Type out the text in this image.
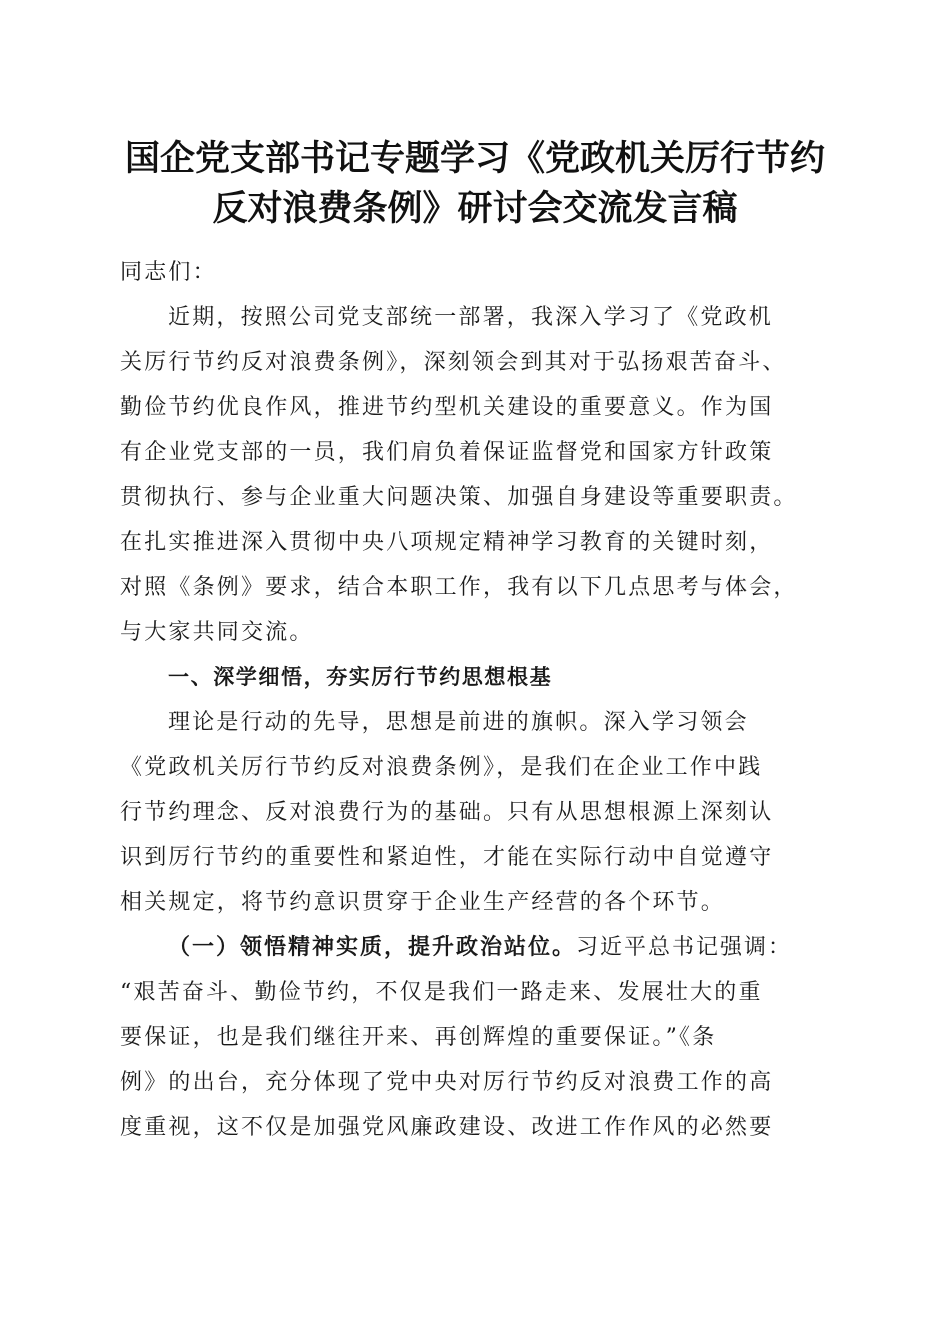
国企党支部书记专题学习《党政机关厉行节约
反对浪费条例》研讨会交流发言稿
同志们：
近期，按照公司党支部统一部署，我深入学习了《党政机
关厉行节约反对浪费条例》，深刻领会到其对于弘扬艰苦奋斗、
勤俭节约优良作风，推进节约型机关建设的重要意义。作为国
有企业党支部的一员，我们肩负着保证监督党和国家方针政策
贯彻执行、参与企业重大问题决策、加强自身建设等重要职责。
在扎实推进深入贯彻中央八项规定精神学习教育的关键时刻，
对照《条例》要求，结合本职工作，我有以下几点思考与体会，
与大家共同交流。
一、深学细悟，夯实厉行节约思想根基
理论是行动的先导，思想是前进的旗帜。深入学习领会
《党政机关厉行节约反对浪费条例》，是我们在企业工作中践
行节约理念、反对浪费行为的基础。只有从思想根源上深刻认
识到厉行节约的重要性和紧迫性，才能在实际行动中自觉遵守
相关规定，将节约意识贯穿于企业生产经营的各个环节。
（一）领悟精神实质，提升政治站位。习近平总书记强调：
“艰苦奋斗、勤俭节约，不仅是我们一路走来、发展壮大的重
要保证，也是我们继往开来、再创辉煌的重要保证。”《条
例》的出台，充分体现了党中央对厉行节约反对浪费工作的高
度重视，这不仅是加强党风廉政建设、改进工作作风的必然要
